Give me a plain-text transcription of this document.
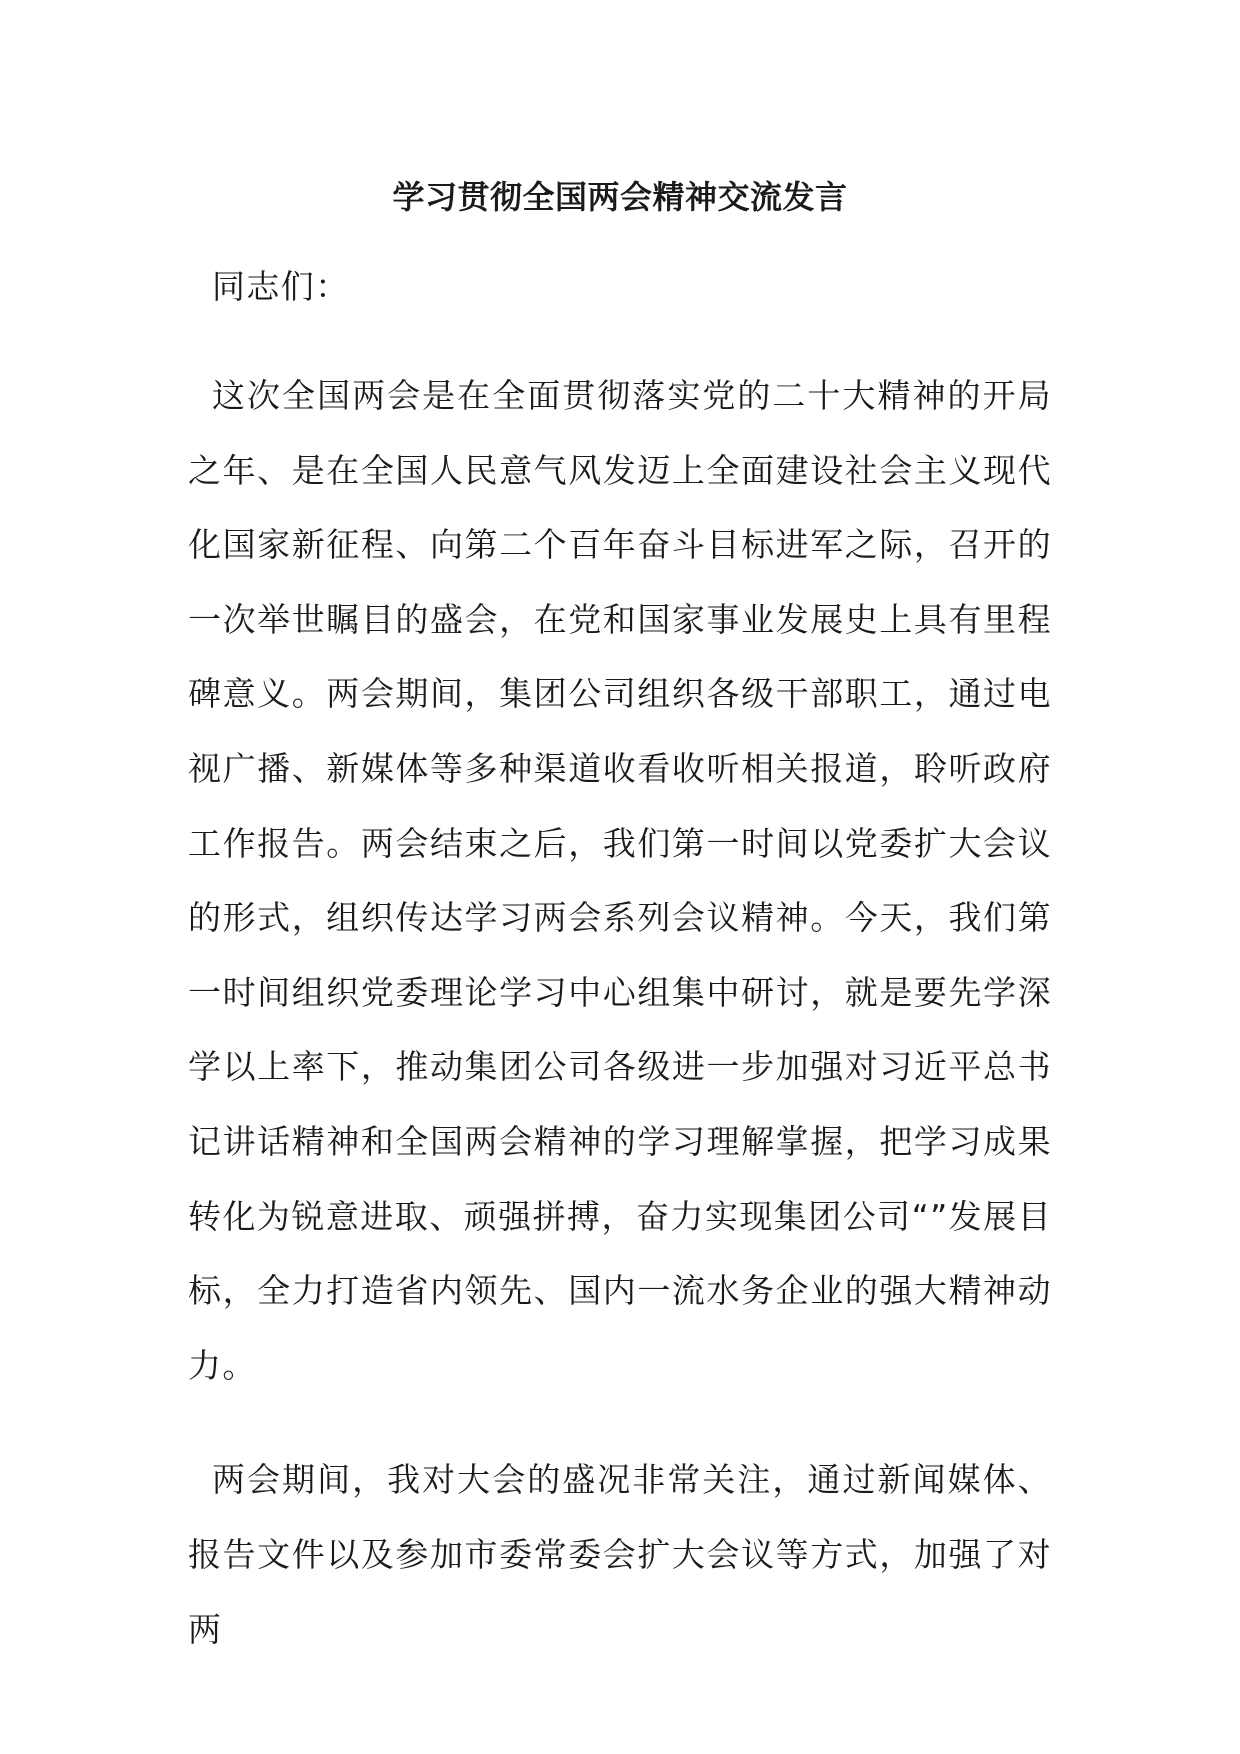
学习贯彻全国两会精神交流发言

同志们：

这次全国两会是在全面贯彻落实党的二十大精神的开局之年、是在全国人民意气风发迈上全面建设社会主义现代化国家新征程、向第二个百年奋斗目标进军之际，召开的一次举世瞩目的盛会，在党和国家事业发展史上具有里程碑意义。两会期间，集团公司组织各级干部职工，通过电视广播、新媒体等多种渠道收看收听相关报道，聆听政府工作报告。两会结束之后，我们第一时间以党委扩大会议的形式，组织传达学习两会系列会议精神。今天，我们第一时间组织党委理论学习中心组集中研讨，就是要先学深学以上率下，推动集团公司各级进一步加强对习近平总书记讲话精神和全国两会精神的学习理解掌握，把学习成果转化为锐意进取、顽强拼搏，奋力实现集团公司“”发展目标，全力打造省内领先、国内一流水务企业的强大精神动力。

两会期间，我对大会的盛况非常关注，通过新闻媒体、报告文件以及参加市委常委会扩大会议等方式，加强了对两
